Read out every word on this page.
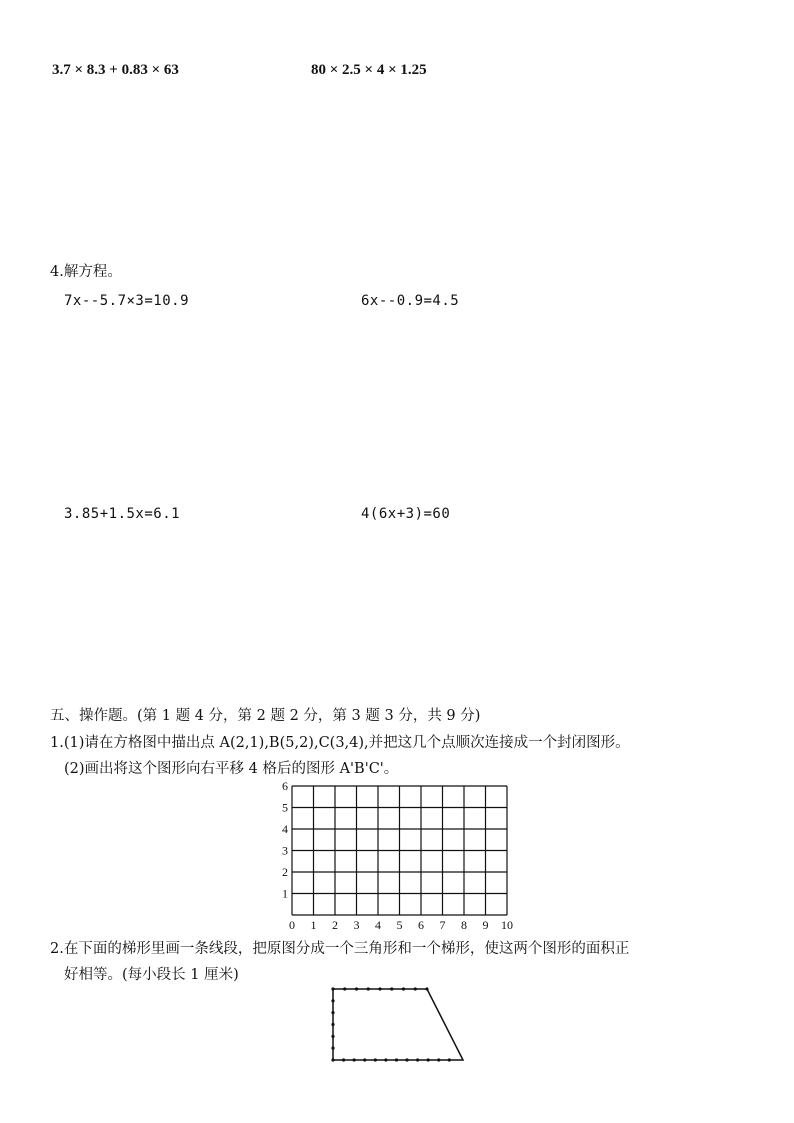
3.7 × 8.3 + 0.83 × 63	80 × 2.5 × 4 × 1.25
4.解方程。
7x--5.7×3=10.9	6x--0.9=4.5
3.85+1.5x=6.1	4(6x+3)=60
五、操作题。(第 1 题 4 分，第 2 题 2 分，第 3 题 3 分，共 9 分)
1.(1)请在方格图中描出点 A(2,1),B(5,2),C(3,4),并把这几个点顺次连接成一个封闭图形。
(2)画出将这个图形向右平移 4 格后的图形 A'B'C'。
0 1 2 3 4 5 6 7 8 9 10
1
2
3
4
5
6
2.在下面的梯形里画一条线段，把原图分成一个三角形和一个梯形，使这两个图形的面积正
好相等。(每小段长 1 厘米)
